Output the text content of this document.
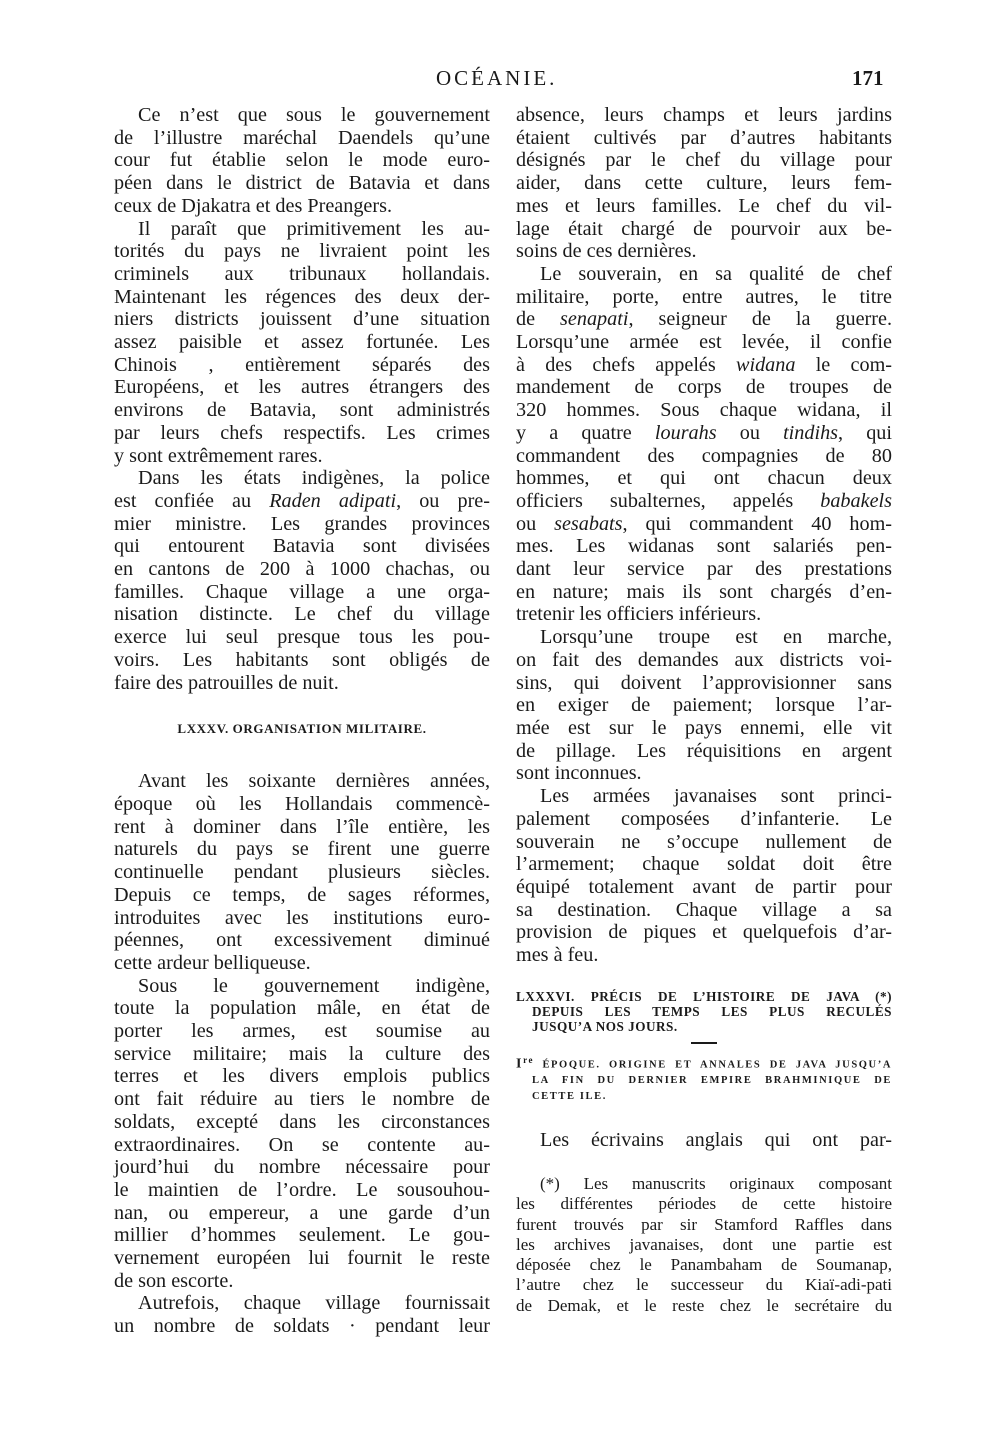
OCÉANIE.	171
Ce n’est que sous le gouvernement
de l’illustre maréchal Daendels qu’une
cour fut établie selon le mode euro-
péen dans le district de Batavia et dans
ceux de Djakatra et des Preangers.
Il paraît que primitivement les au-
torités du pays ne livraient point les
criminels aux tribunaux hollandais.
Maintenant les régences des deux der-
niers districts jouissent d’une situation
assez paisible et assez fortunée. Les
Chinois , entièrement séparés des
Européens, et les autres étrangers des
environs de Batavia, sont administrés
par leurs chefs respectifs. Les crimes
y sont extrêmement rares.
Dans les états indigènes, la police
est confiée au Raden adipati, ou pre-
mier ministre. Les grandes provinces
qui entourent Batavia sont divisées
en cantons de 200 à 1000 chachas, ou
familles. Chaque village a une orga-
nisation distincte. Le chef du village
exerce lui seul presque tous les pou-
voirs. Les habitants sont obligés de
faire des patrouilles de nuit.
LXXXV. ORGANISATION MILITAIRE.
Avant les soixante dernières années,
époque où les Hollandais commencè-
rent à dominer dans l’île entière, les
naturels du pays se firent une guerre
continuelle pendant plusieurs siècles.
Depuis ce temps, de sages réformes,
introduites avec les institutions euro-
péennes, ont excessivement diminué
cette ardeur belliqueuse.
Sous le gouvernement indigène,
toute la population mâle, en état de
porter les armes, est soumise au
service militaire; mais la culture des
terres et les divers emplois publics
ont fait réduire au tiers le nombre de
soldats, excepté dans les circonstances
extraordinaires. On se contente au-
jourd’hui du nombre nécessaire pour
le maintien de l’ordre. Le sousouhou-
nan, ou empereur, a une garde d’un
millier d’hommes seulement. Le gou-
vernement européen lui fournit le reste
de son escorte.
Autrefois, chaque village fournissait
un nombre de soldats · pendant leur
absence, leurs champs et leurs jardins
étaient cultivés par d’autres habitants
désignés par le chef du village pour
aider, dans cette culture, leurs fem-
mes et leurs familles. Le chef du vil-
lage était chargé de pourvoir aux be-
soins de ces dernières.
Le souverain, en sa qualité de chef
militaire, porte, entre autres, le titre
de senapati, seigneur de la guerre.
Lorsqu’une armée est levée, il confie
à des chefs appelés widana le com-
mandement de corps de troupes de
320 hommes. Sous chaque widana, il
y a quatre lourahs ou tindihs, qui
commandent des compagnies de 80
hommes, et qui ont chacun deux
officiers subalternes, appelés babakels
ou sesabats, qui commandent 40 hom-
mes. Les widanas sont salariés pen-
dant leur service par des prestations
en nature; mais ils sont chargés d’en-
tretenir les officiers inférieurs.
Lorsqu’une troupe est en marche,
on fait des demandes aux districts voi-
sins, qui doivent l’approvisionner sans
en exiger de paiement; lorsque l’ar-
mée est sur le pays ennemi, elle vit
de pillage. Les réquisitions en argent
sont inconnues.
Les armées javanaises sont princi-
palement composées d’infanterie. Le
souverain ne s’occupe nullement de
l’armement; chaque soldat doit être
équipé totalement avant de partir pour
sa destination. Chaque village a sa
provision de piques et quelquefois d’ar-
mes à feu.
LXXXVI. PRÉCIS DE L’HISTOIRE DE JAVA (*)
DEPUIS LES TEMPS LES PLUS RECULÉS
JUSQU’A NOS JOURS.
Ire ÉPOQUE. ORIGINE ET ANNALES DE JAVA JUSQU’A
LA FIN DU DERNIER EMPIRE BRAHMINIQUE DE
CETTE ILE.
Les écrivains anglais qui ont par-
(*) Les manuscrits originaux composant
les différentes périodes de cette histoire
furent trouvés par sir Stamford Raffles dans
les archives javanaises, dont une partie est
déposée chez le Panambaham de Soumanap,
l’autre chez le successeur du Kiaï-adi-pati
de Demak, et le reste chez le secrétaire du
